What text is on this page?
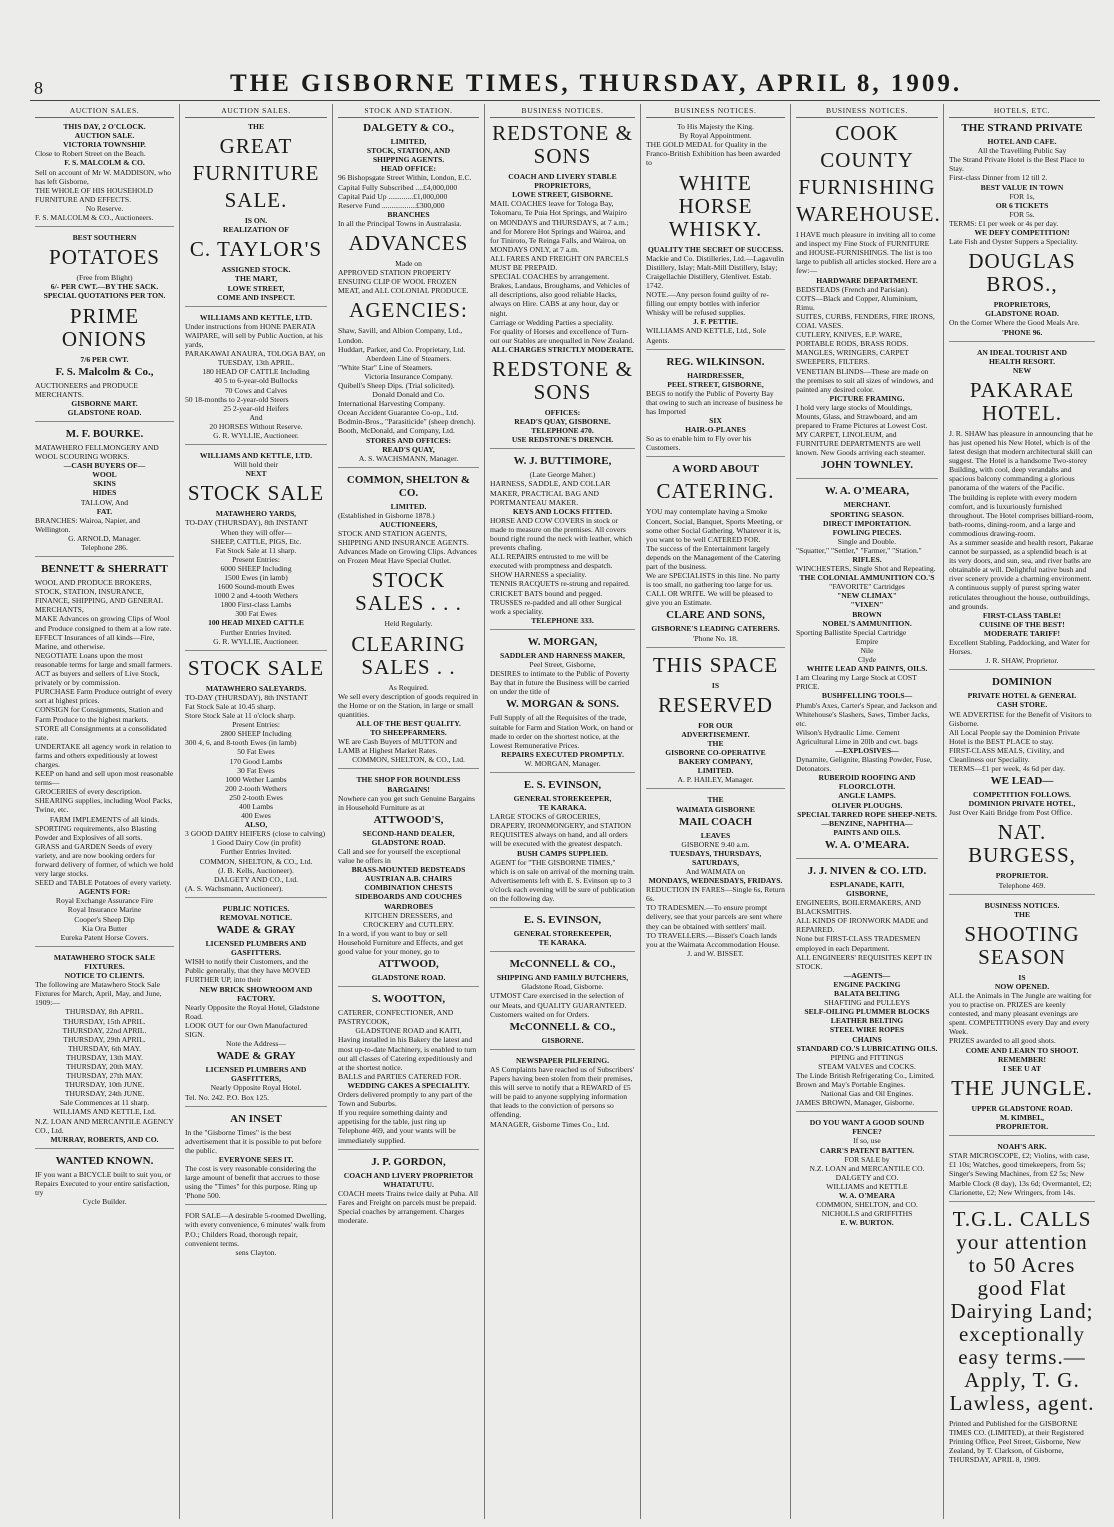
8	THE GISBORNE TIMES, THURSDAY, APRIL 8, 1909.
AUCTION SALES.
THIS DAY, 2 O'CLOCK.
AUCTION SALE.
VICTORIA TOWNSHIP.
Close to Robert Street on the Beach.
F. S. MALCOLM & CO.
Sell on account of Mr W. MADDISON, who has left Gisborne,
THE WHOLE OF HIS HOUSEHOLD FURNITURE AND EFFECTS.
No Reserve.
F. S. MALCOLM & CO., Auctioneers.
BEST SOUTHERN
POTATOES
(Free from Blight)
6/- PER CWT.—BY THE SACK.
SPECIAL QUOTATIONS PER TON.
PRIME ONIONS
7/6 PER CWT.
F. S. Malcolm & Co.,
AUCTIONEERS and PRODUCE MERCHANTS.
GISBORNE MART.
GLADSTONE ROAD.
M. F. BOURKE.
MATAWHERO FELLMONGERY AND WOOL SCOURING WORKS.
—CASH BUYERS OF—
WOOL
SKINS
HIDES
TALLOW, And
FAT.
BRANCHES: Wairoa, Napier, and Wellington.
G. ARNOLD, Manager.
Telephone 286.
BENNETT & SHERRATT
WOOL AND PRODUCE BROKERS, STOCK, STATION, INSURANCE, FINANCE, SHIPPING, AND GENERAL MERCHANTS,
MAKE Advances on growing Clips of Wool and Produce consigned to them at a low rate.
EFFECT Insurances of all kinds—Fire, Marine, and otherwise.
NEGOTIATE Loans upon the most reasonable terms for large and small farmers.
ACT as buyers and sellers of Live Stock, privately or by commission.
PURCHASE Farm Produce outright of every sort at highest prices.
CONSIGN for Consignments, Station and Farm Produce to the highest markets.
STORE all Consignments at a consolidated rate.
UNDERTAKE all agency work in relation to farms and others expeditiously at lowest charges.
KEEP on hand and sell upon most reasonable terms—
GROCERIES of every description.
SHEARING supplies, including Wool Packs, Twine, etc.
FARM IMPLEMENTS of all kinds.
SPORTING requirements, also Blasting Powder and Explosives of all sorts.
GRASS and GARDEN Seeds of every variety, and are now booking orders for forward delivery of former, of which we hold very large stocks.
SEED and TABLE Potatoes of every variety.
AGENTS FOR:
Royal Exchange Assurance Fire
Royal Insurance Marine
Cooper's Sheep Dip
Kia Ora Butter
Eureka Patent Horse Covers.
MATAWHERO STOCK SALE FIXTURES.
NOTICE TO CLIENTS.
The following are Matawhero Stock Sale Fixtures for March, April, May, and June, 1909:—
THURSDAY, 8th APRIL.
THURSDAY, 15th APRIL.
THURSDAY, 22nd APRIL.
THURSDAY, 29th APRIL.
THURSDAY, 6th MAY.
THURSDAY, 13th MAY.
THURSDAY, 20th MAY.
THURSDAY, 27th MAY.
THURSDAY, 10th JUNE.
THURSDAY, 24th JUNE.
Sale Commences at 11 sharp.
WILLIAMS AND KETTLE, Ltd.
N.Z. LOAN AND MERCANTILE AGENCY CO., Ltd.
MURRAY, ROBERTS, AND CO.
WANTED KNOWN.
IF you want a BICYCLE built to suit you, or Repairs Executed to your entire satisfaction, try
Cycle Builder.
AUCTION SALES.
THE
GREAT
FURNITURE
SALE.
IS ON.
REALIZATION OF
C. TAYLOR'S
ASSIGNED STOCK.
THE MART,
LOWE STREET,
COME AND INSPECT.
WILLIAMS AND KETTLE, LTD.
Under instructions from HONE PAERATA WAIPARE, will sell by Public Auction, at his yards,
PARAKAWAI ANAURA, TOLOGA BAY, on
TUESDAY, 13th APRIL.
180 HEAD OF CATTLE Including
40 5 to 6-year-old Bullocks
70 Cows and Calves
50 18-months to 2-year-old Steers
25 2-year-old Heifers
And
20 HORSES Without Reserve.
G. R. WYLLIE, Auctioneer.
WILLIAMS AND KETTLE, LTD.
Will hold their
NEXT
STOCK SALE
MATAWHERO YARDS,
TO-DAY (THURSDAY), 8th INSTANT
When they will offer—
SHEEP, CATTLE, PIGS, Etc.
Fat Stock Sale at 11 sharp.
Present Entries:
6000 SHEEP Including
1500 Ewes (in lamb)
1600 Sound-mouth Ewes
1000 2 and 4-tooth Wethers
1800 First-class Lambs
300 Fat Ewes
100 HEAD MIXED CATTLE
Further Entries Invited.
G. R. WYLLIE, Auctioneer.
STOCK SALE
MATAWHERO SALEYARDS.
TO-DAY (THURSDAY), 8th INSTANT
Fat Stock Sale at 10.45 sharp.
Store Stock Sale at 11 o'clock sharp.
Present Entries:
2800 SHEEP Including
300 4, 6, and 8-tooth Ewes (in lamb)
50 Fat Ewes
170 Good Lambs
30 Fat Ewes
1000 Wether Lambs
200 2-tooth Wethers
250 2-tooth Ewes
400 Lambs
400 Ewes
ALSO,
3 GOOD DAIRY HEIFERS (close to calving)
1 Good Dairy Cow (in profit)
Further Entries Invited.
COMMON, SHELTON, & CO., Ltd.
(J. B. Kells, Auctioneer).
DALGETY AND CO., Ltd.
(A. S. Wachsmann, Auctioneer).
PUBLIC NOTICES.
REMOVAL NOTICE.
WADE & GRAY
LICENSED PLUMBERS AND GASFITTERS.
WISH to notify their Customers, and the Public generally, that they have MOVED FURTHER UP, into their
NEW BRICK SHOWROOM AND FACTORY.
Nearly Opposite the Royal Hotel, Gladstone Road.
LOOK OUT for our Own Manufactured SIGN.
Note the Address—
WADE & GRAY
LICENSED PLUMBERS AND GASFITTERS,
Nearly Opposite Royal Hotel.
Tel. No. 242. P.O. Box 125.
AN INSET
In the "Gisborne Times" is the best advertisement that it is possible to put before the public.
EVERYONE SEES IT.
The cost is very reasonable considering the large amount of benefit that accrues to those using the "Times" for this purpose. Ring up 'Phone 500.
FOR SALE—A desirable 5-roomed Dwelling, with every convenience, 6 minutes' walk from P.O.; Childers Road, thorough repair, convenient terms.
sens Clayton.
STOCK AND STATION.
DALGETY & CO.,
LIMITED,
STOCK, STATION, AND
SHIPPING AGENTS.
HEAD OFFICE:
96 Bishopsgate Street Within, London, E.C.
Capital Fully Subscribed ....£4,000,000
Capital Paid Up .............£1,000,000
Reserve Fund ..................£300,000
BRANCHES
In all the Principal Towns in Australasia.
ADVANCES
Made on
APPROVED STATION PROPERTY ENSUING CLIP OF WOOL FROZEN MEAT, and ALL COLONIAL PRODUCE.
AGENCIES:
Shaw, Savill, and Albion Company, Ltd., London.
Huddart, Parker, and Co. Proprietary, Ltd.
Aberdeen Line of Steamers.
"White Star" Line of Steamers.
Victoria Insurance Company.
Quibell's Sheep Dips. (Trial solicited).
Donald Donald and Co.
International Harvesting Company.
Ocean Accident Guarantee Co-op., Ltd.
Bodmin-Bros., "Parasiticide" (sheep drench).
Booth, McDonald, and Company, Ltd.
STORES AND OFFICES:
READ'S QUAY,
A. S. WACHSMANN, Manager.
COMMON, SHELTON & CO.
LIMITED.
(Established in Gisborne 1878.)
AUCTIONEERS,
STOCK AND STATION AGENTS, SHIPPING AND INSURANCE AGENTS.
Advances Made on Growing Clips. Advances on Frozen Meat Have Special Outlet.
STOCK SALES . . .
Held Regularly.
CLEARING SALES . .
As Required.
We sell every description of goods required in the Home or on the Station, in large or small quantities.
ALL OF THE BEST QUALITY.
TO SHEEPFARMERS.
WE are Cash Buyers of MUTTON and LAMB at Highest Market Rates.
COMMON, SHELTON, & CO., Ltd.
THE SHOP FOR BOUNDLESS BARGAINS!
Nowhere can you get such Genuine Bargains in Household Furniture as at
ATTWOOD'S,
SECOND-HAND DEALER, GLADSTONE ROAD.
Call and see for yourself the exceptional value he offers in
BRASS-MOUNTED BEDSTEADS
AUSTRIAN A.B. CHAIRS
COMBINATION CHESTS
SIDEBOARDS AND COUCHES
WARDROBES
KITCHEN DRESSERS, and
CROCKERY and CUTLERY.
In a word, if you want to buy or sell Household Furniture and Effects, and get good value for your money, go to
ATTWOOD,
GLADSTONE ROAD.
S. WOOTTON,
CATERER, CONFECTIONER, AND PASTRYCOOK,
GLADSTONE ROAD and KAITI,
Having installed in his Bakery the latest and most up-to-date Machinery, is enabled to turn out all classes of Catering expeditiously and at the shortest notice.
BALLS and PARTIES CATERED FOR.
WEDDING CAKES A SPECIALITY.
Orders delivered promptly to any part of the Town and Suburbs.
If you require something dainty and appetising for the table, just ring up Telephone 469, and your wants will be immediately supplied.
J. P. GORDON,
COACH AND LIVERY PROPRIETOR
WHATATUTU.
COACH meets Trains twice daily at Puha. All Fares and Freight on parcels must be prepaid. Special coaches by arrangement. Charges moderate.
BUSINESS NOTICES.
REDSTONE & SONS
COACH AND LIVERY STABLE
PROPRIETORS,
LOWE STREET, GISBORNE.
MAIL COACHES leave for Tologa Bay, Tokomaru, Te Puia Hot Springs, and Waipiro on MONDAYS and THURSDAYS, at 7 a.m.; and for Morere Hot Springs and Wairoa, and for Tiniroto, Te Reinga Falls, and Wairoa, on MONDAYS ONLY, at 7 a.m.
ALL FARES AND FREIGHT ON PARCELS MUST BE PREPAID.
SPECIAL COACHES by arrangement.
Brakes, Landaus, Broughams, and Vehicles of all descriptions, also good reliable Hacks, always on Hire. CABS at any hour, day or night.
Carriage or Wedding Parties a speciality.
For quality of Horses and excellence of Turn-out our Stables are unequalled in New Zealand.
ALL CHARGES STRICTLY MODERATE.
REDSTONE & SONS
OFFICES:
READ'S QUAY, GISBORNE.
TELEPHONE 470.
USE REDSTONE'S DRENCH.
W. J. BUTTIMORE,
(Late George Maher.)
HARNESS, SADDLE, AND COLLAR MAKER, PRACTICAL BAG AND PORTMANTEAU MAKER.
KEYS AND LOCKS FITTED.
HORSE AND COW COVERS in stock or made to measure on the premises. All covers bound right round the neck with leather, which prevents chafing.
ALL REPAIRS entrusted to me will be executed with promptness and despatch. SHOW HARNESS a speciality.
TENNIS RACQUETS re-strung and repaired.
CRICKET BATS bound and pegged.
TRUSSES re-padded and all other Surgical work a speciality.
TELEPHONE 333.
W. MORGAN,
SADDLER AND HARNESS MAKER,
Peel Street, Gisborne,
DESIRES to intimate to the Public of Poverty Bay that in future the Business will be carried on under the title of
W. MORGAN & SONS.
Full Supply of all the Requisites of the trade, suitable for Farm and Station Work, on hand or made to order on the shortest notice, at the Lowest Remunerative Prices.
REPAIRS EXECUTED PROMPTLY.
W. MORGAN, Manager.
E. S. EVINSON,
GENERAL STOREKEEPER,
TE KARAKA.
LARGE STOCKS of GROCERIES, DRAPERY, IRONMONGERY, and STATION REQUISITES always on hand, and all orders will be executed with the greatest despatch.
BUSH CAMPS SUPPLIED.
AGENT for "THE GISBORNE TIMES," which is on sale on arrival of the morning train. Advertisements left with E. S. Evinson up to 3 o'clock each evening will be sure of publication on the following day.
E. S. EVINSON,
GENERAL STOREKEEPER,
TE KARAKA.
McCONNELL & CO.,
SHIPPING AND FAMILY BUTCHERS,
Gladstone Road, Gisborne.
UTMOST Care exercised in the selection of our Meats, and QUALITY GUARANTEED.
Customers waited on for Orders.
McCONNELL & CO.,
GISBORNE.
NEWSPAPER PILFERING.
AS Complaints have reached us of Subscribers' Papers having been stolen from their premises, this will serve to notify that a REWARD of £5 will be paid to anyone supplying information that leads to the conviction of persons so offending.
MANAGER, Gisborne Times Co., Ltd.
BUSINESS NOTICES.
To His Majesty the King.
By Royal Appointment.
THE GOLD MEDAL for Quality in the Franco-British Exhibition has been awarded to
WHITE HORSE WHISKY.
QUALITY THE SECRET OF SUCCESS.
Mackie and Co. Distilleries, Ltd.—Lagavulin Distillery, Islay; Malt-Mill Distillery, Islay; Craigellachie Distillery, Glenlivet. Estab. 1742.
NOTE.—Any person found guilty of re-filling our empty bottles with inferior Whisky will be refused supplies.
J. F. PETTIE.
WILLIAMS AND KETTLE, Ltd., Sole Agents.
REG. WILKINSON.
HAIRDRESSER,
PEEL STREET, GISBORNE,
BEGS to notify the Public of Poverty Bay that owing to such an increase of business he has Imported
SIX
HAIR-O-PLANES
So as to enable him to Fly over his Customers.
A WORD ABOUT
CATERING.
YOU may contemplate having a Smoke Concert, Social, Banquet, Sports Meeting, or some other Social Gathering. Whatever it is, you want to be well CATERED FOR.
The success of the Entertainment largely depends on the Management of the Catering part of the business.
We are SPECIALISTS in this line. No party is too small, no gathering too large for us.
CALL OR WRITE. We will be pleased to give you an Estimate.
CLARE AND SONS,
GISBORNE'S LEADING CATERERS.
'Phone No. 18.
THIS SPACE
IS
RESERVED
FOR OUR
ADVERTISEMENT.
THE
GISBORNE CO-OPERATIVE
BAKERY COMPANY,
LIMITED.
A. P. HAILEY, Manager.
THE
WAIMATA GISBORNE
MAIL COACH
LEAVES
GISBORNE 9.40 a.m.
TUESDAYS, THURSDAYS, SATURDAYS,
And WAIMATA on
MONDAYS, WEDNESDAYS, FRIDAYS.
REDUCTION IN FARES—Single 6s, Return 6s.
TO TRADESMEN.—To ensure prompt delivery, see that your parcels are sent where they can be obtained with settlers' mail.
TO TRAVELLERS.—Bisset's Coach lands you at the Waimata Accommodation House.
J. and W. BISSET.
BUSINESS NOTICES.
COOK
COUNTY
FURNISHING
WAREHOUSE.
I HAVE much pleasure in inviting all to come and inspect my Fine Stock of FURNITURE and HOUSE-FURNISHINGS. The list is too large to publish all articles stocked. Here are a few:—
HARDWARE DEPARTMENT.
BEDSTEADS (French and Parisian).
COTS—Black and Copper, Aluminium, Rimu.
SUITES, CURBS, FENDERS, FIRE IRONS, COAL VASES.
CUTLERY, KNIVES, E.P. WARE, PORTABLE RODS, BRASS RODS.
MANGLES, WRINGERS, CARPET SWEEPERS, FILTERS.
VENETIAN BLINDS—These are made on the premises to suit all sizes of windows, and painted any desired color.
PICTURE FRAMING.
I hold very large stocks of Mouldings, Mounts, Glass, and Strawboard, and am prepared to Frame Pictures at Lowest Cost.
MY CARPET, LINOLEUM, and FURNITURE DEPARTMENTS are well known. New Goods arriving each steamer.
JOHN TOWNLEY.
W. A. O'MEARA,
MERCHANT.
SPORTING SEASON.
DIRECT IMPORTATION.
FOWLING PIECES.
Single and Double.
"Squatter," "Settler," "Farmer," "Station."
RIFLES.
WINCHESTERS, Single Shot and Repeating.
THE COLONIAL AMMUNITION CO.'S
"FAVORITE" Cartridges
"NEW CLIMAX"
"VIXEN"
BROWN
NOBEL'S AMMUNITION.
Sporting Ballistite Special Cartridge
Empire
Nile
Clyde
WHITE LEAD AND PAINTS, OILS.
I am Clearing my Large Stock at COST PRICE.
BUSHFELLING TOOLS—
Plumb's Axes, Carter's Spear, and Jackson and Whitehouse's Slashers, Saws, Timber Jacks, etc.
Wilson's Hydraulic Lime. Cement Agricultural Lime in 20lb and cwt. bags
—EXPLOSIVES—
Dynamite, Gelignite, Blasting Powder, Fuse, Detonators.
RUBEROID ROOFING AND FLOORCLOTH.
ANGLE LAMPS.
OLIVER PLOUGHS.
SPECIAL TARRED ROPE SHEEP-NETS.
—BENZINE, NAPHTHA—
PAINTS AND OILS.
W. A. O'MEARA.
J. J. NIVEN & CO. LTD.
ESPLANADE, KAITI,
GISBORNE,
ENGINEERS, BOILERMAKERS, AND BLACKSMITHS.
ALL KINDS OF IRONWORK MADE and REPAIRED.
None but FIRST-CLASS TRADESMEN employed in each Department.
ALL ENGINEERS' REQUISITES KEPT IN STOCK.
—AGENTS—
ENGINE PACKING
BALATA BELTING
SHAFTING and PULLEYS
SELF-OILING PLUMMER BLOCKS
LEATHER BELTING
STEEL WIRE ROPES
CHAINS
STANDARD CO.'S LUBRICATING OILS.
PIPING and FITTINGS
STEAM VALVES and COCKS.
The Linde British Refrigerating Co., Limited.
Brown and May's Portable Engines.
National Gas and Oil Engines.
JAMES BROWN, Manager, Gisborne.
DO YOU WANT A GOOD SOUND FENCE?
If so, use
CARR'S PATENT BATTEN.
FOR SALE by
N.Z. LOAN and MERCANTILE CO.
DALGETY and CO.
WILLIAMS and KETTLE
W. A. O'MEARA
COMMON, SHELTON, and CO.
NICHOLLS and GRIFFITHS
E. W. BURTON.
HOTELS, ETC.
THE STRAND PRIVATE
HOTEL AND CAFE.
All the Travelling Public Say
The Strand Private Hotel is the Best Place to Stay.
First-class Dinner from 12 till 2.
BEST VALUE IN TOWN
FOR 1s,
OR 6 TICKETS
FOR 5s.
TERMS: £1 per week or 4s per day.
WE DEFY COMPETITION!
Late Fish and Oyster Suppers a Speciality.
DOUGLAS BROS.,
PROPRIETORS,
GLADSTONE ROAD.
On the Corner Where the Good Meals Are.
'PHONE 96.
AN IDEAL TOURIST AND
HEALTH RESORT.
NEW
PAKARAE HOTEL.
J. R. SHAW has pleasure in announcing that he has just opened his New Hotel, which is of the latest design that modern architectural skill can suggest. The Hotel is a handsome Two-storey Building, with cool, deep verandahs and spacious balcony commanding a glorious panorama of the waters of the Pacific.
The building is replete with every modern comfort, and is luxuriously furnished throughout. The Hotel comprises billiard-room, bath-rooms, dining-room, and a large and commodious drawing-room.
As a summer seaside and health resort, Pakarae cannot be surpassed, as a splendid beach is at its very doors, and sun, sea, and river baths are obtainable at will. Delightful native bush and river scenery provide a charming environment.
A continuous supply of purest spring water reticulates throughout the house, outbuildings, and grounds.
FIRST-CLASS TABLE!
CUISINE OF THE BEST!
MODERATE TARIFF!
Excellent Stabling, Paddocking, and Water for Horses.
J. R. SHAW, Proprietor.
DOMINION
PRIVATE HOTEL & GENERAL
CASH STORE.
WE ADVERTISE for the Benefit of Visitors to Gisborne.
All Local People say the Dominion Private Hotel is the BEST PLACE to stay.
FIRST-CLASS MEALS, Civility, and Cleanliness our Speciality.
TERMS—£1 per week, 4s 6d per day.
WE LEAD—
COMPETITION FOLLOWS.
DOMINION PRIVATE HOTEL,
Just Over Kaiti Bridge from Post Office.
NAT. BURGESS,
PROPRIETOR.
Telephone 469.
BUSINESS NOTICES.
THE
SHOOTING SEASON
IS
NOW OPENED.
ALL the Animals in The Jungle are waiting for you to practise on. PRIZES are keenly contested, and many pleasant evenings are spent. COMPETITIONS every Day and every Week.
PRIZES awarded to all good shots.
COME AND LEARN TO SHOOT.
REMEMBER!
I SEE U AT
THE JUNGLE.
UPPER GLADSTONE ROAD.
M. KIMBEL,
PROPRIETOR.
NOAH'S ARK.
STAR MICROSCOPE, £2; Violins, with case, £1 10s; Watches, good timekeepers, from 5s; Singer's Sewing Machines, from £2 5s; New Marble Clock (8 day), 13s 6d; Overmantel, £2; Clarionette, £2; New Wringers, from 14s.
T.G.L. CALLS your attention to 50 Acres good Flat Dairying Land; exceptionally easy terms.—Apply, T. G. Lawless, agent.
Printed and Published for the GISBORNE TIMES CO. (LIMITED), at their Registered Printing Office, Peel Street, Gisborne, New Zealand, by T. Clarkson, of Gisborne, THURSDAY, APRIL 8, 1909.
